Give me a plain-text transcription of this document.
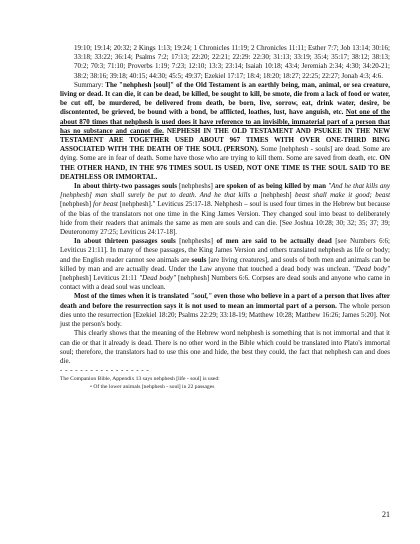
19:10; 19:14; 20:32; 2 Kings 1:13; 19:24; 1 Chronicles 11:19; 2 Chronicles 11:11; Esther 7:7; Job 13:14; 30:16; 33:18; 33:22; 36:14; Psalms 7:2; 17:13; 22:20; 22:21; 22:29: 22:30; 31:13; 33:19; 35:4; 35:17; 38:12; 38:13; 70:2; 70:3; 71:10; Proverbs 1:19; 7:23; 12:10; 13:3; 23:14; Isaiah 10:18; 43:4; Jeremiah 2:34; 4:30; 34:20-21; 38:2; 38:16; 39:18; 40:15; 44:30; 45:5; 49:37; Ezekiel 17:17; 18:4; 18:20; 18:27; 22:25; 22:27; Jonah 4:3; 4:6.

Summary: The "nehphesh [soul]" of the Old Testament is an earthly being, man, animal, or sea creature, living or dead. It can die, it can be dead, be killed, be sought to kill, be smote, die from a lack of food or water, be cut off, be murdered, be delivered from death, be born, live, sorrow, eat, drink water, desire, be discontented, be grieved, be bound with a bond, be afflicted, loathes, lust, have anguish, etc. Not one of the about 870 times that nehphesh is used does it have reference to an invisible, immaterial part of a person that has no substance and cannot die. NEPHESH IN THE OLD TESTAMENT AND PSUKEE IN THE NEW TESTAMENT ARE TOGETHER USED ABOUT 967 TIMES WITH OVER ONE-THIRD BING ASSOCIATED WITH THE DEATH OF THE SOUL (PERSON). Some [nehphesh - souls] are dead. Some are dying. Some are in fear of death. Some have those who are trying to kill them. Some are saved from death, etc. ON THE OTHER HAND, IN THE 976 TIMES SOUL IS USED, NOT ONE TIME IS THE SOUL SAID TO BE DEATHLESS OR IMMORTAL.

In about thirty-two passages souls [nehpheshs] are spoken of as being killed by man "And he that kills any [nehphesh] man shall surely be put to death. And he that kills a [nehphesh] beast shall make it good; beast [nehphesh] for beast [nehphesh]." Leviticus 25:17-18. Nehphesh – soul is used four times in the Hebrew but because of the bias of the translators not one time in the King James Version. They changed soul into beast to deliberately hide from their readers that animals the same as men are souls and can die. [See Joshua 10:28; 30; 32; 35; 37; 39; Deuteronomy 27:25; Leviticus 24:17-18].

In about thirteen passages souls [nehpheshs] of men are said to be actually dead [see Numbers 6:6; Leviticus 21:11]. In many of these passages, the King James Version and others translated nehphesh as life or body; and the English reader cannot see animals are souls [are living creatures], and souls of both men and animals can be killed by man and are actually dead. Under the Law anyone that touched a dead body was unclean. "Dead body" [nehphesh] Leviticus 21:11 "Dead body" [nehphesh] Numbers 6:6. Corpses are dead souls and anyone who came in contact with a dead soul was unclean.

Most of the times when it is translated "soul," even those who believe in a part of a person that lives after death and before the resurrection says it is not used to mean an immortal part of a person. The whole person dies unto the resurrection [Ezekiel 18:20; Psalms 22:29; 33:18-19; Matthew 10:28; Matthew 16:26; James 5:20]. Not just the person's body.

This clearly shows that the meaning of the Hebrew word nehphesh is something that is not immortal and that it can die or that it already is dead. There is no other word in the Bible which could be translated into Plato's immortal soul; therefore, the translators had to use this one and hide, the best they could, the fact that nehphesh can and does die.

- - - - - - - - - - - - - - - - - -

The Companion Bible, Appendix 13 says nehphesh [life - soul] is used:

• Of the lower animals [nehphesh - soul] in 22 passages

21
